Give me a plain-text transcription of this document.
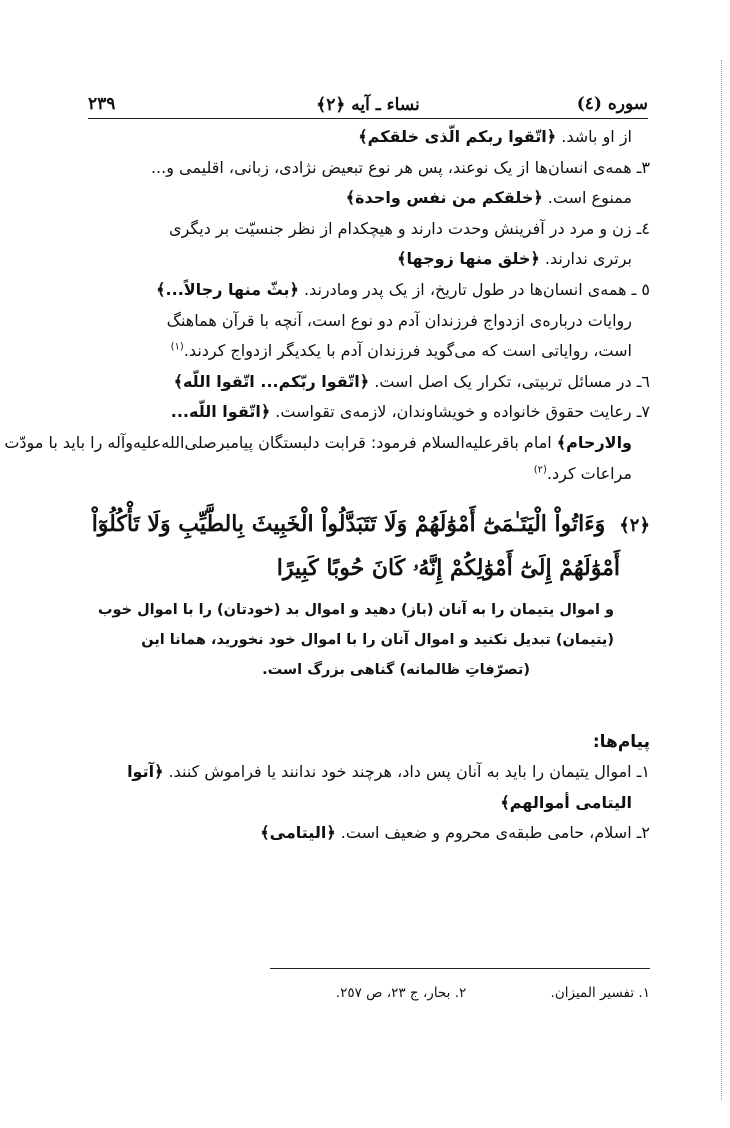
سوره (٤)
نساء ـ آیه ﴿٢﴾
٢٣٩
از او باشد. ﴿اتّقوا ربکم الّذی خلقکم﴾
٣ـ همه‌ی انسان‌ها از یک نوعند، پس هر نوع تبعیض نژادی، زبانی، اقلیمی و...
ممنوع است. ﴿خلقکم من نفس واحدة﴾
٤ـ زن و مرد در آفرینش وحدت دارند و هیچکدام از نظر جنسیّت بر دیگری
برتری ندارند. ﴿خلق منها زوجها﴾
٥ ـ همه‌ی انسان‌ها در طول تاریخ، از یک پدر ومادرند. ﴿بثّ منها رجالاً...﴾
روایات درباره‌ی ازدواج فرزندان آدم دو نوع است، آنچه با قرآن هماهنگ
است، روایاتی است که می‌گوید فرزندان آدم با یکدیگر ازدواج کردند.$^{(١)}$
٦ـ در مسائل تربیتی، تکرار یک اصل است. ﴿اتّقوا ربّکم... اتّقوا اللّه﴾
٧ـ رعایت حقوق خانواده و خویشاوندان، لازمه‌ی تقواست. ﴿اتّقوا اللّه...
والارحام﴾ امام باقرعليه‌السلام فرمود: قرابت دلبستگان پیامبرصلى‌الله‌عليه‌وآله را باید با مودّت
مراعات کرد.$^{(٢)}$
﴿٢﴾وَءَاتُواْ الْيَتَـٰمَىٰٓ أَمْوَٰلَهُمْ وَلَا تَتَبَدَّلُواْ الْخَبِيثَ بِالطَّيِّبِ وَلَا تَأْكُلُوٓاْ
أَمْوَٰلَهُمْ إِلَىٰٓ أَمْوَٰلِكُمْ إِنَّهُۥ كَانَ حُوبًا كَبِيرًا
و اموال یتیمان را به آنان (باز) دهید و اموال بد (خودتان) را با اموال خوب
(یتیمان) تبدیل نکنید و اموال آنان را با اموال خود نخورید، همانا این
(تصرّفاتِ ظالمانه) گناهی بزرگ است.
پیام‌ها:
١ـ اموال یتیمان را باید به آنان پس داد، هرچند خود ندانند یا فراموش کنند. ﴿آتوا
الیتامی أموالهم﴾
٢ـ اسلام، حامی طبقه‌ی محروم و ضعیف است. ﴿الیتامی﴾
١. تفسیر المیزان. ٢. بحار، ج ٢٣، ص ٢٥٧.
